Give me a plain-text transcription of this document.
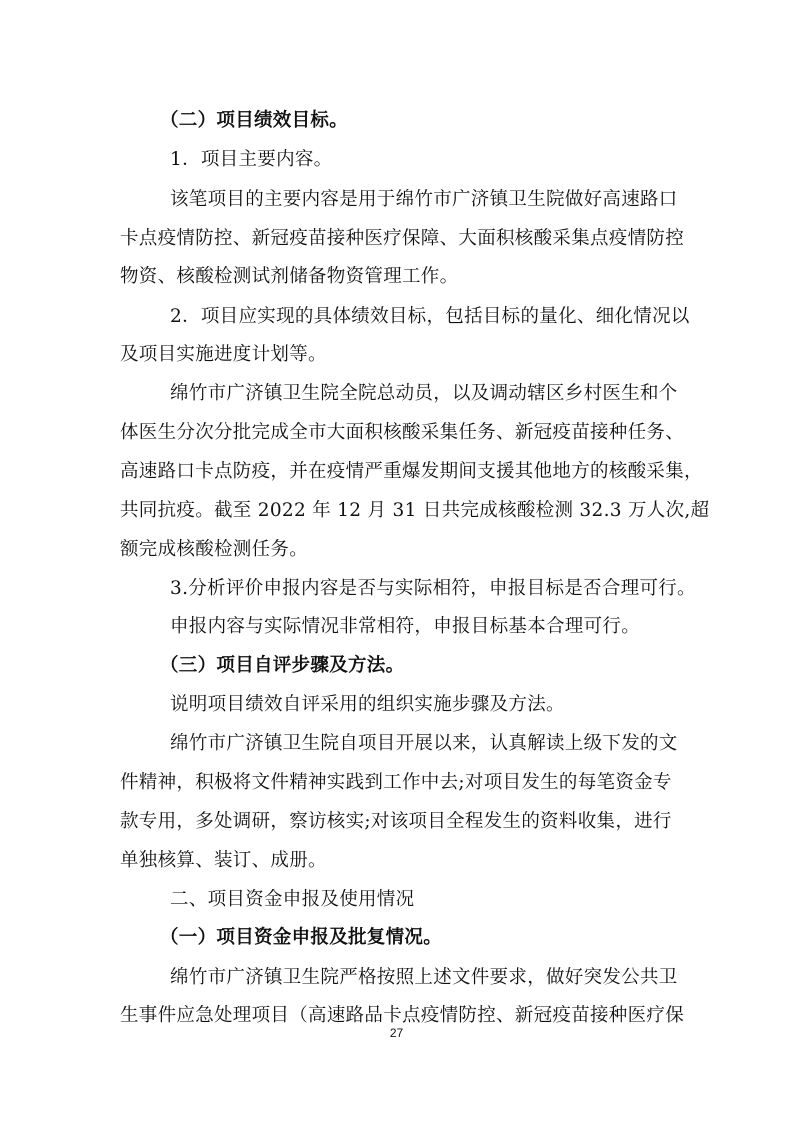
（二）项目绩效目标。
1．项目主要内容。
该笔项目的主要内容是用于绵竹市广济镇卫生院做好高速路口
卡点疫情防控、新冠疫苗接种医疗保障、大面积核酸采集点疫情防控
物资、核酸检测试剂储备物资管理工作。
2．项目应实现的具体绩效目标，包括目标的量化、细化情况以
及项目实施进度计划等。
绵竹市广济镇卫生院全院总动员，以及调动辖区乡村医生和个
体医生分次分批完成全市大面积核酸采集任务、新冠疫苗接种任务、
高速路口卡点防疫，并在疫情严重爆发期间支援其他地方的核酸采集，
共同抗疫。截至 2022 年 12 月 31 日共完成核酸检测 32.3 万人次,超
额完成核酸检测任务。
3.分析评价申报内容是否与实际相符，申报目标是否合理可行。
申报内容与实际情况非常相符，申报目标基本合理可行。
（三）项目自评步骤及方法。
说明项目绩效自评采用的组织实施步骤及方法。
绵竹市广济镇卫生院自项目开展以来，认真解读上级下发的文
件精神，积极将文件精神实践到工作中去;对项目发生的每笔资金专
款专用，多处调研，察访核实;对该项目全程发生的资料收集，进行
单独核算、装订、成册。
二、项目资金申报及使用情况
（一）项目资金申报及批复情况。
绵竹市广济镇卫生院严格按照上述文件要求，做好突发公共卫
生事件应急处理项目（高速路品卡点疫情防控、新冠疫苗接种医疗保
27
